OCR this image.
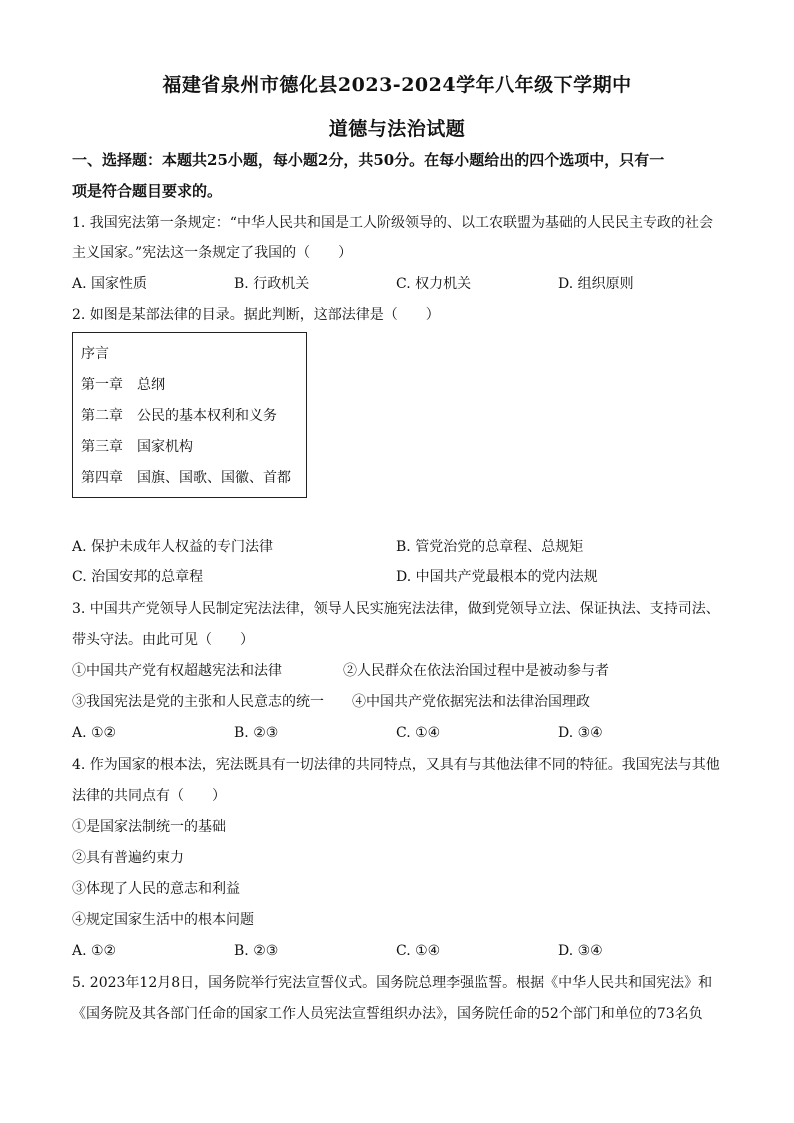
福建省泉州市德化县2023-2024学年八年级下学期中
道德与法治试题
一、选择题：本题共25小题，每小题2分，共50分。在每小题给出的四个选项中，只有一
项是符合题目要求的。
1. 我国宪法第一条规定：“中华人民共和国是工人阶级领导的、以工农联盟为基础的人民民主专政的社会
主义国家。”宪法这一条规定了我国的（　　）
A. 国家性质	B. 行政机关	C. 权力机关	D. 组织原则
2. 如图是某部法律的目录。据此判断，这部法律是（　　）
序言
第一章　总纲
第二章　公民的基本权利和义务
第三章　国家机构
第四章　国旗、国歌、国徽、首都
A. 保护未成年人权益的专门法律	B. 管党治党的总章程、总规矩
C. 治国安邦的总章程	D. 中国共产党最根本的党内法规
3. 中国共产党领导人民制定宪法法律，领导人民实施宪法法律，做到党领导立法、保证执法、支持司法、
带头守法。由此可见（　　）
①中国共产党有权超越宪法和法律	②人民群众在依法治国过程中是被动参与者
③我国宪法是党的主张和人民意志的统一 ④中国共产党依据宪法和法律治国理政
A. ①②	B. ②③	C. ①④	D. ③④
4. 作为国家的根本法，宪法既具有一切法律的共同特点，又具有与其他法律不同的特征。我国宪法与其他
法律的共同点有（　　）
①是国家法制统一的基础
②具有普遍约束力
③体现了人民的意志和利益
④规定国家生活中的根本问题
A. ①②	B. ②③	C. ①④	D. ③④
5. 2023年12月8日，国务院举行宪法宣誓仪式。国务院总理李强监誓。根据《中华人民共和国宪法》和
《国务院及其各部门任命的国家工作人员宪法宣誓组织办法》，国务院任命的52个部门和单位的73名负
